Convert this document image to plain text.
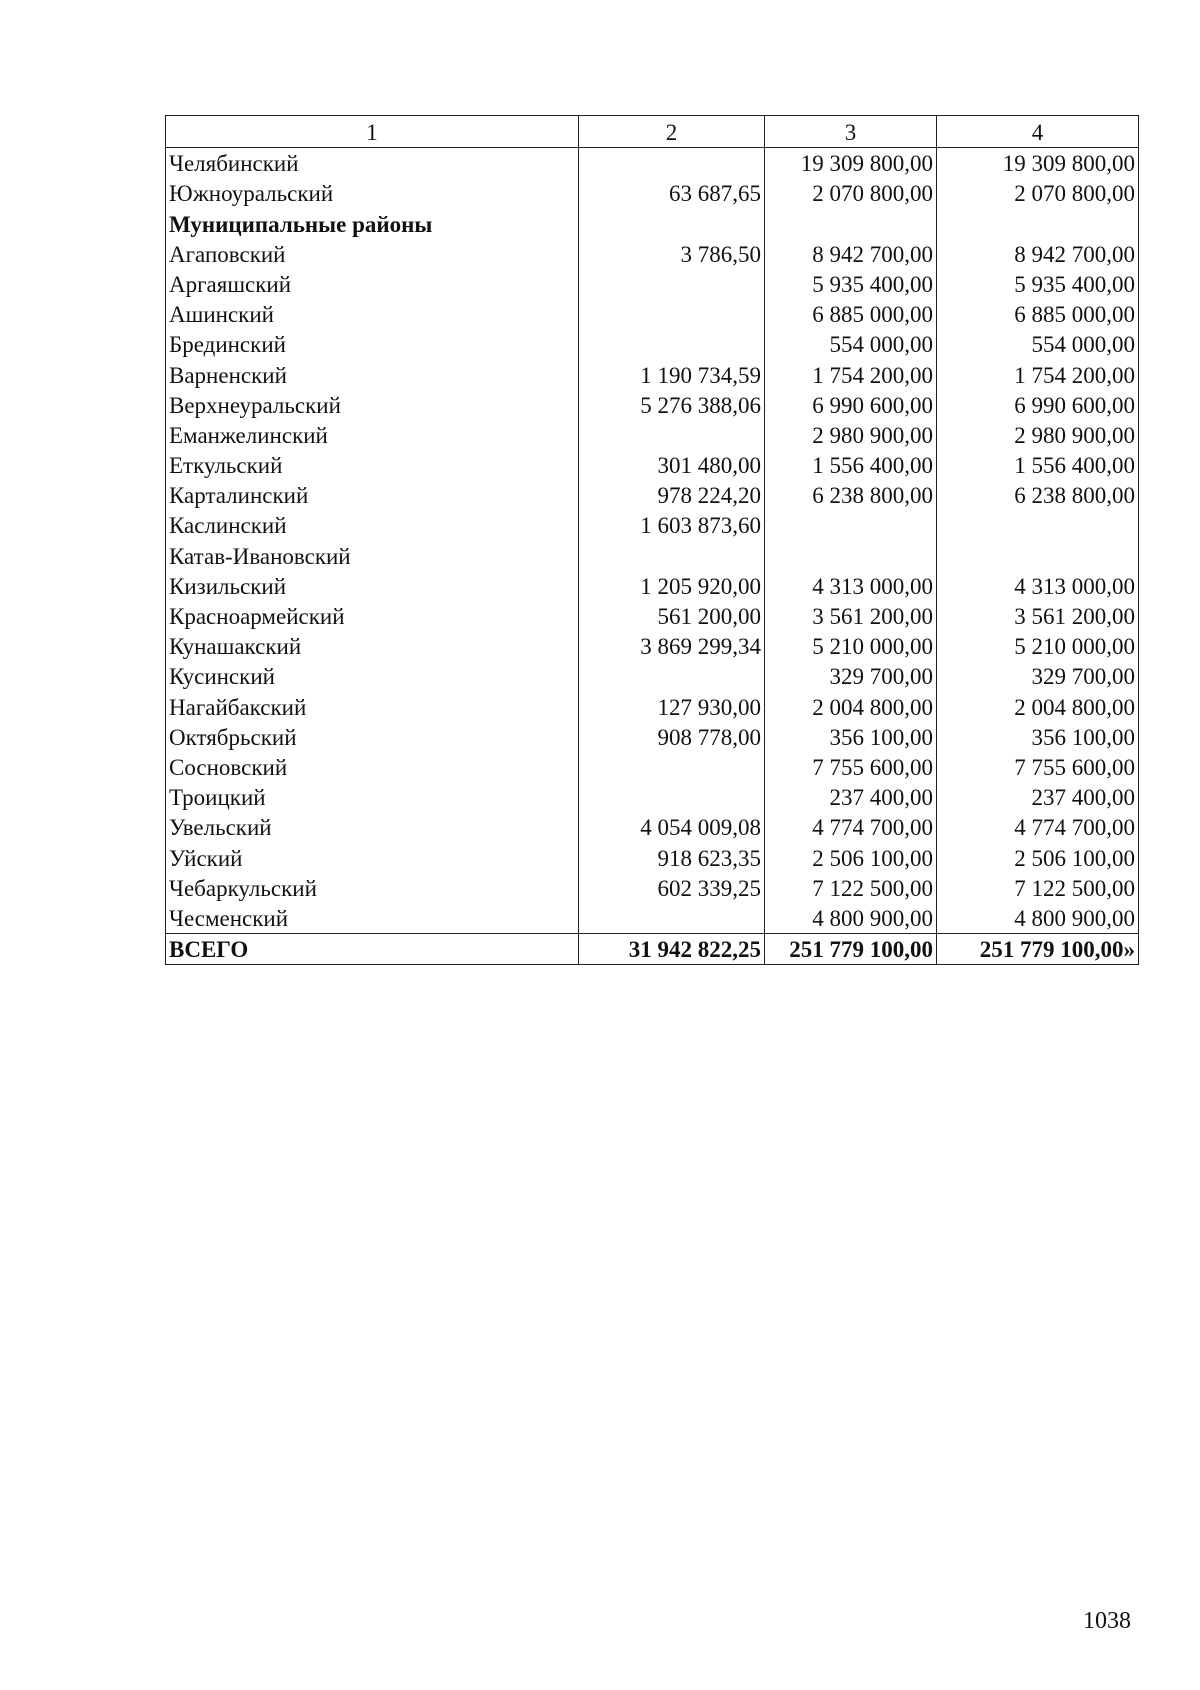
1	2	3	4
Челябинский		19 309 800,00	19 309 800,00
Южноуральский	63 687,65	2 070 800,00	2 070 800,00
Муниципальные районы			
Агаповский	3 786,50	8 942 700,00	8 942 700,00
Аргаяшский		5 935 400,00	5 935 400,00
Ашинский		6 885 000,00	6 885 000,00
Брединский		554 000,00	554 000,00
Варненский	1 190 734,59	1 754 200,00	1 754 200,00
Верхнеуральский	5 276 388,06	6 990 600,00	6 990 600,00
Еманжелинский		2 980 900,00	2 980 900,00
Еткульский	301 480,00	1 556 400,00	1 556 400,00
Карталинский	978 224,20	6 238 800,00	6 238 800,00
Каслинский	1 603 873,60		
Катав-Ивановский			
Кизильский	1 205 920,00	4 313 000,00	4 313 000,00
Красноармейский	561 200,00	3 561 200,00	3 561 200,00
Кунашакский	3 869 299,34	5 210 000,00	5 210 000,00
Кусинский		329 700,00	329 700,00
Нагайбакский	127 930,00	2 004 800,00	2 004 800,00
Октябрьский	908 778,00	356 100,00	356 100,00
Сосновский		7 755 600,00	7 755 600,00
Троицкий		237 400,00	237 400,00
Увельский	4 054 009,08	4 774 700,00	4 774 700,00
Уйский	918 623,35	2 506 100,00	2 506 100,00
Чебаркульский	602 339,25	7 122 500,00	7 122 500,00
Чесменский		4 800 900,00	4 800 900,00
ВСЕГО	31 942 822,25	251 779 100,00	251 779 100,00»
1038
